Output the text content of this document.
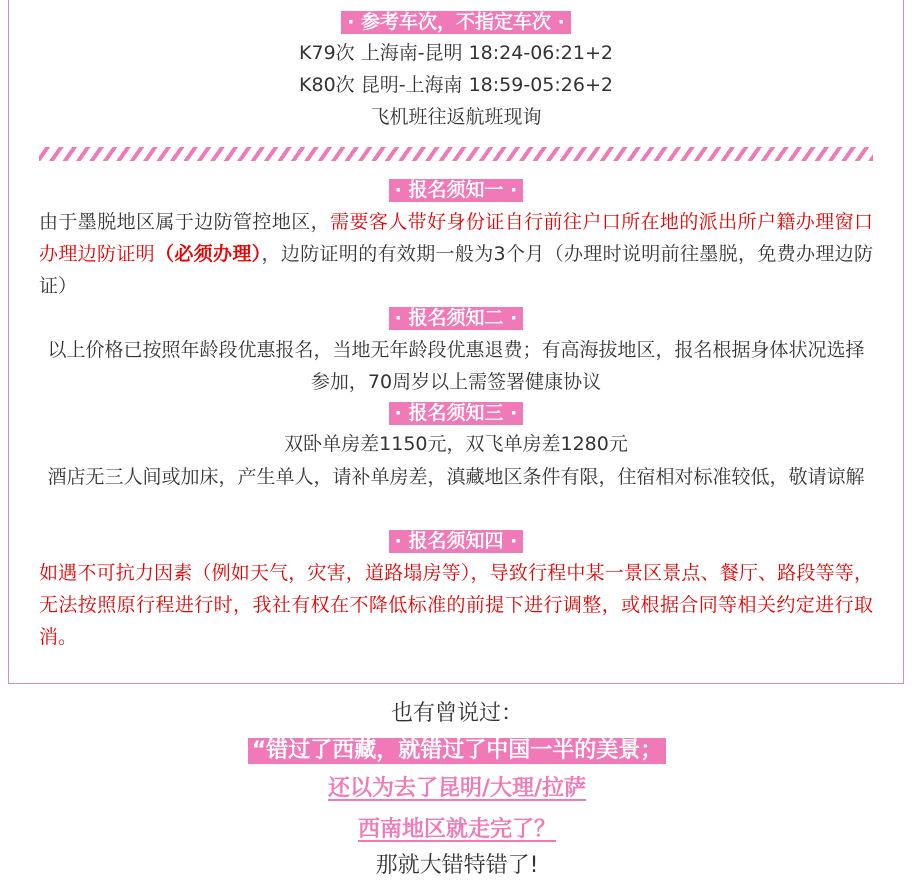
· 参考车次，不指定车次 ·
K79次 上海南-昆明 18:24-06:21+2
K80次 昆明-上海南 18:59-05:26+2
飞机班往返航班现询
· 报名须知一 ·
由于墨脱地区属于边防管控地区，需要客人带好身份证自行前往户口所在地的派出所户籍办理窗口办理边防证明（必须办理），边防证明的有效期一般为3个月（办理时说明前往墨脱，免费办理边防证）
· 报名须知二 ·
以上价格已按照年龄段优惠报名，当地无年龄段优惠退费；有高海拔地区，报名根据身体状况选择参加，70周岁以上需签署健康协议
· 报名须知三 ·
双卧单房差1150元，双飞单房差1280元
酒店无三人间或加床，产生单人，请补单房差，滇藏地区条件有限，住宿相对标准较低，敬请谅解
· 报名须知四 ·
如遇不可抗力因素（例如天气，灾害，道路塌房等），导致行程中某一景区景点、餐厅、路段等等，无法按照原行程进行时，我社有权在不降低标准的前提下进行调整，或根据合同等相关约定进行取消。
也有曾说过：
“错过了西藏，就错过了中国一半的美景；
还以为去了昆明/大理/拉萨
西南地区就走完了？
那就大错特错了!
